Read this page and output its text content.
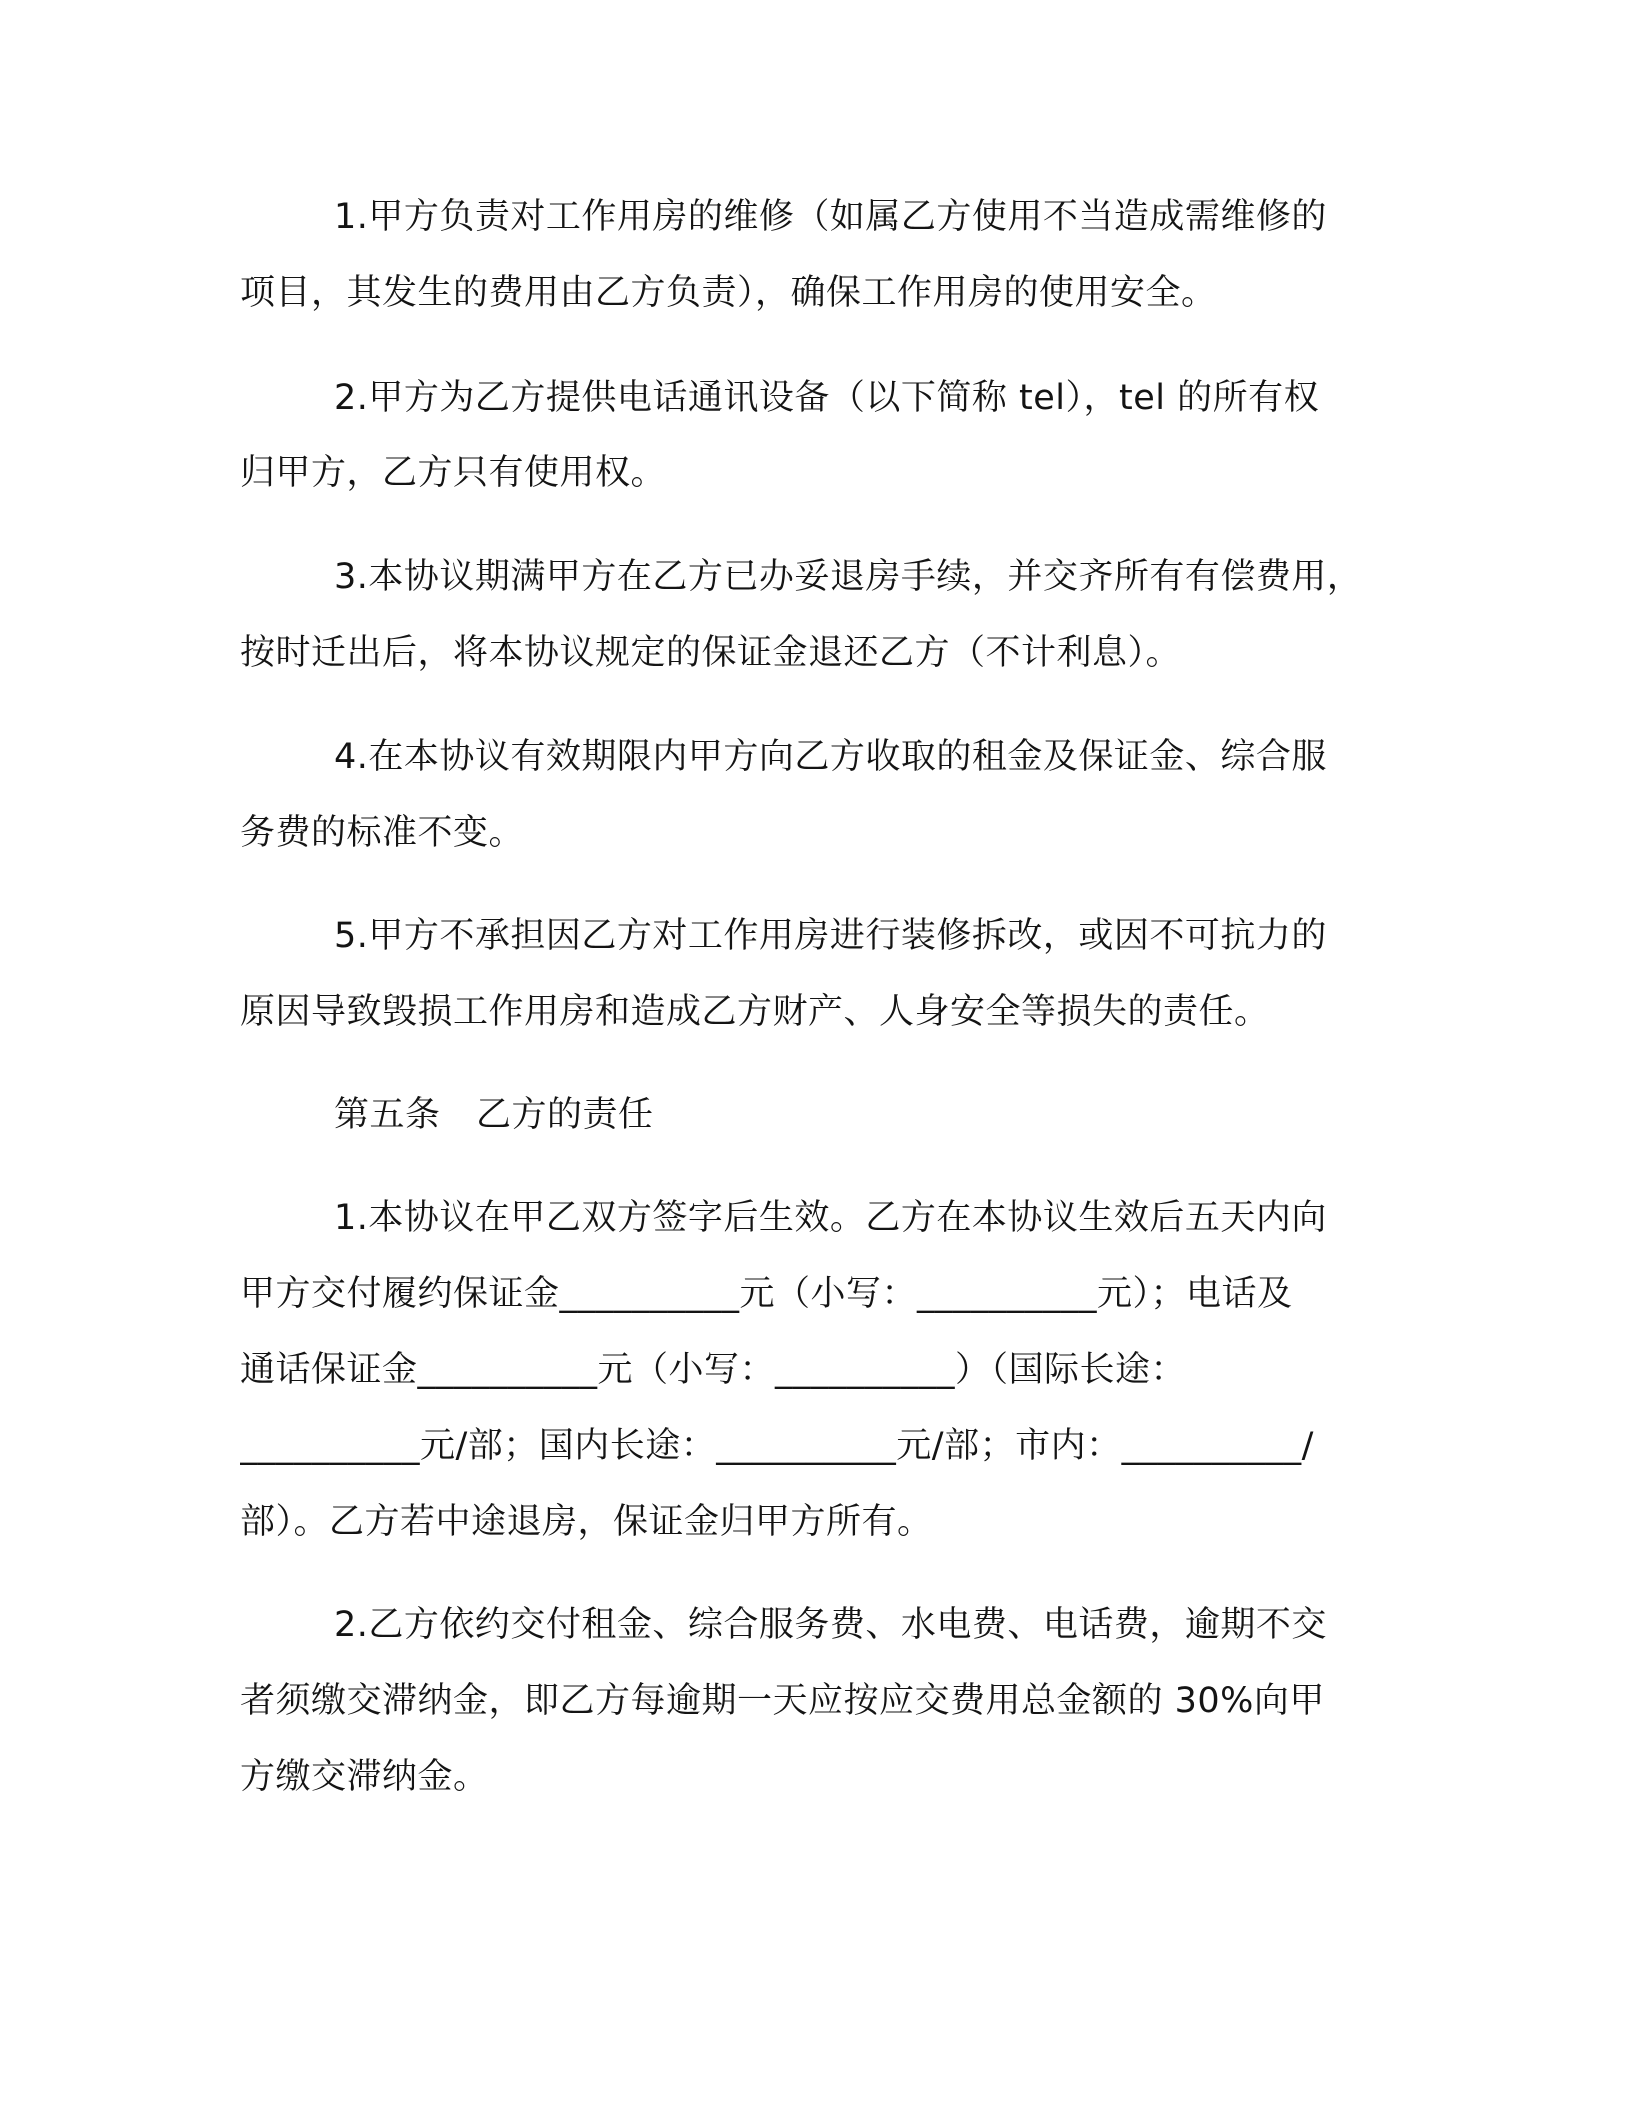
1.甲方负责对工作用房的维修（如属乙方使用不当造成需维修的
项目，其发生的费用由乙方负责），确保工作用房的使用安全。
2.甲方为乙方提供电话通讯设备（以下简称 tel），tel 的所有权
归甲方，乙方只有使用权。
3.本协议期满甲方在乙方已办妥退房手续，并交齐所有有偿费用，
按时迁出后，将本协议规定的保证金退还乙方（不计利息）。
4.在本协议有效期限内甲方向乙方收取的租金及保证金、综合服
务费的标准不变。
5.甲方不承担因乙方对工作用房进行装修拆改，或因不可抗力的
原因导致毁损工作用房和造成乙方财产、人身安全等损失的责任。
第五条　乙方的责任
1.本协议在甲乙双方签字后生效。乙方在本协议生效后五天内向
甲方交付履约保证金__________元（小写：__________元）；电话及
通话保证金__________元（小写：__________）（国际长途：
__________元/部；国内长途：__________元/部；市内：__________/
部）。乙方若中途退房，保证金归甲方所有。
2.乙方依约交付租金、综合服务费、水电费、电话费，逾期不交
者须缴交滞纳金，即乙方每逾期一天应按应交费用总金额的 30%向甲
方缴交滞纳金。
